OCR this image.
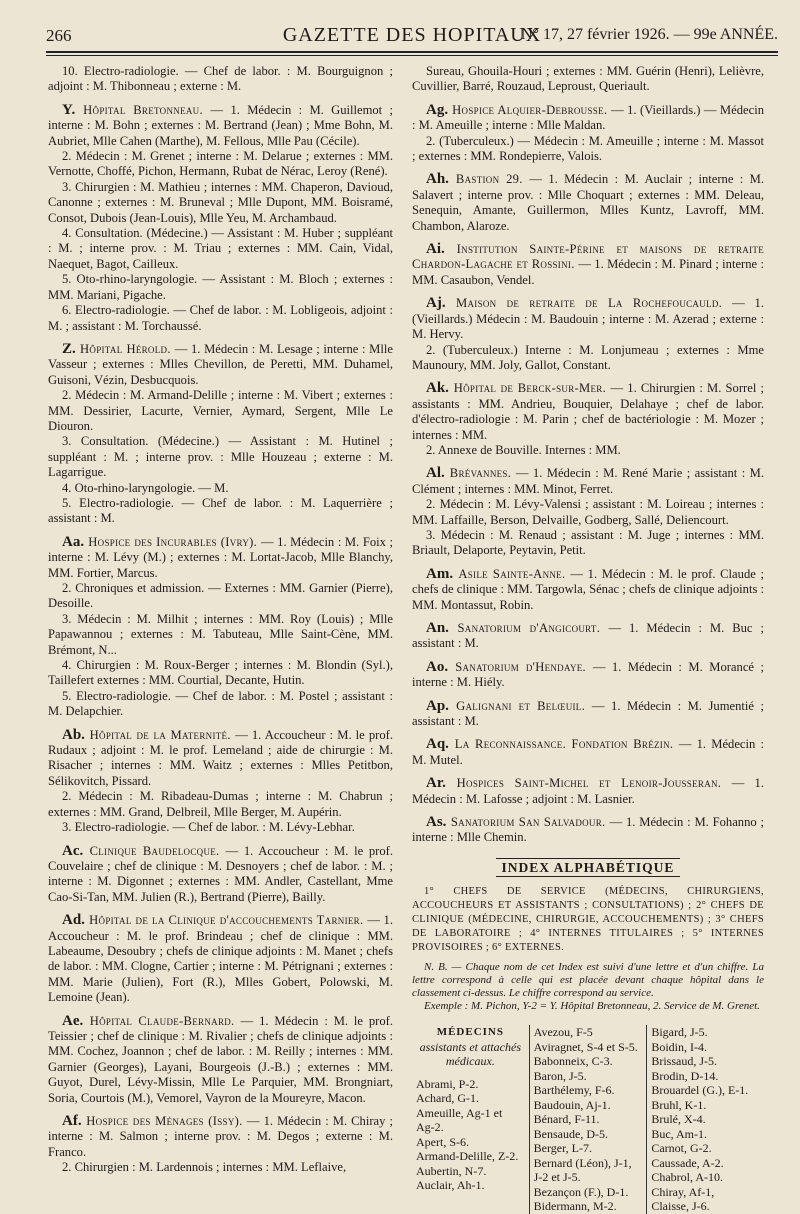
266	GAZETTE DES HOPITAUX
N° 17, 27 février 1926. — 99e ANNÉE.

10. Electro-radiologie. — Chef de labor. : M. Bourguignon ; adjoint : M. Thibonneau ; externe : M.

Y. Hôpital Bretonneau. — 1. Médecin : M. Guillemot ; interne : M. Bohn ; externes : M. Bertrand (Jean) ; Mme Bohn, M. Aubriet, Mlle Cahen (Marthe), M. Fellous, Mlle Pau (Cécile).

2. Médecin : M. Grenet ; interne : M. Delarue ; externes : MM. Vernotte, Choffé, Pichon, Hermann, Rubat de Nérac, Leroy (René).

3. Chirurgien : M. Mathieu ; internes : MM. Chaperon, Davioud, Canonne ; externes : M. Bruneval ; Mlle Dupont, MM. Boisramé, Consot, Dubois (Jean-Louis), Mlle Yeu, M. Archambaud.

4. Consultation. (Médecine.) — Assistant : M. Huber ; suppléant : M. ; interne prov. : M. Triau ; externes : MM. Cain, Vidal, Naequet, Bagot, Cailleux.

5. Oto-rhino-laryngologie. — Assistant : M. Bloch ; externes : MM. Mariani, Pigache.

6. Electro-radiologie. — Chef de labor. : M. Lobligeois, adjoint : M. ; assistant : M. Torchaussé.

Z. Hôpital Hérold. — 1. Médecin : M. Lesage ; interne : Mlle Vasseur ; externes : Mlles Chevillon, de Peretti, MM. Duhamel, Guisoni, Vézin, Desbucquois.

2. Médecin : M. Armand-Delille ; interne : M. Vibert ; externes : MM. Dessirier, Lacurte, Vernier, Aymard, Sergent, Mlle Le Diouron.

3. Consultation. (Médecine.) — Assistant : M. Hutinel ; suppléant : M. ; interne prov. : Mlle Houzeau ; externe : M. Lagarrigue.

4. Oto-rhino-laryngologie. — M.

5. Electro-radiologie. — Chef de labor. : M. Laquerrière ; assistant : M.

Aa. Hospice des Incurables (Ivry). — 1. Médecin : M. Foix ; interne : M. Lévy (M.) ; externes : M. Lortat-Jacob, Mlle Blanchy, MM. Fortier, Marcus.

2. Chroniques et admission. — Externes : MM. Garnier (Pierre), Desoille.

3. Médecin : M. Milhit ; internes : MM. Roy (Louis) ; Mlle Papawannou ; externes : M. Tabuteau, Mlle Saint-Cène, MM. Brémont, N...

4. Chirurgien : M. Roux-Berger ; internes : M. Blondin (Syl.), Taillefert externes : MM. Courtial, Decante, Hutin.

5. Electro-radiologie. — Chef de labor. : M. Postel ; assistant : M. Delapchier.

Ab. Hôpital de la Maternité. — 1. Accoucheur : M. le prof. Rudaux ; adjoint : M. le prof. Lemeland ; aide de chirurgie : M. Risacher ; internes : MM. Waitz ; externes : Mlles Petitbon, Sélikovitch, Pissard.

2. Médecin : M. Ribadeau-Dumas ; interne : M. Chabrun ; externes : MM. Grand, Delbreil, Mlle Berger, M. Aupérin.

3. Electro-radiologie. — Chef de labor. : M. Lévy-Lebhar.

Ac. Clinique Baudelocque. — 1. Accoucheur : M. le prof. Couvelaire ; chef de clinique : M. Desnoyers ; chef de labor. : M. ; interne : M. Digonnet ; externes : MM. Andler, Castellant, Mme Cao-Si-Tan, MM. Julien (R.), Bertrand (Pierre), Bailly.

Ad. Hôpital de la Clinique d'accouchements Tarnier. — 1. Accoucheur : M. le prof. Brindeau ; chef de clinique : MM. Labeaume, Desoubry ; chefs de clinique adjoints : M. Manet ; chefs de labor. : MM. Clogne, Cartier ; interne : M. Pétrignani ; externes : MM. Marie (Julien), Fort (R.), Mlles Gobert, Polowski, M. Lemoine (Jean).

Ae. Hôpital Claude-Bernard. — 1. Médecin : M. le prof. Teissier ; chef de clinique : M. Rivalier ; chefs de clinique adjoints : MM. Cochez, Joannon ; chef de labor. : M. Reilly ; internes : MM. Garnier (Georges), Layani, Bourgeois (J.-B.) ; externes : MM. Guyot, Durel, Lévy-Missin, Mlle Le Parquier, MM. Brongniart, Soria, Courtois (M.), Vemorel, Vayron de la Moureyre, Macon.

Af. Hospice des Ménages (Issy). — 1. Médecin : M. Chiray ; interne : M. Salmon ; interne prov. : M. Degos ; externe : M. Franco.

2. Chirurgien : M. Lardennois ; internes : MM. Leflaive,

Sureau, Ghouila-Houri ; externes : MM. Guérin (Henri), Lelièvre, Cuvillier, Barré, Rouzaud, Leproust, Queriault.

Ag. Hospice Alquier-Debrousse. — 1. (Vieillards.) — Médecin : M. Ameuille ; interne : Mlle Maldan.

2. (Tuberculeux.) — Médecin : M. Ameuille ; interne : M. Massot ; externes : MM. Rondepierre, Valois.

Ah. Bastion 29. — 1. Médecin : M. Auclair ; interne : M. Salavert ; interne prov. : Mlle Choquart ; externes : MM. Deleau, Senequin, Amante, Guillermon, Mlles Kuntz, Lavroff, MM. Chambon, Alaroze.

Ai. Institution Sainte-Périne et maisons de retraite Chardon-Lagache et Rossini. — 1. Médecin : M. Pinard ; interne : MM. Casaubon, Vendel.

Aj. Maison de retraite de La Rochefoucauld. — 1. (Vieillards.) Médecin : M. Baudouin ; interne : M. Azerad ; externe : M. Hervy.

2. (Tuberculeux.) Interne : M. Lonjumeau ; externes : Mme Maunoury, MM. Joly, Gallot, Constant.

Ak. Hôpital de Berck-sur-Mer. — 1. Chirurgien : M. Sorrel ; assistants : MM. Andrieu, Bouquier, Delahaye ; chef de labor. d'électro-radiologie : M. Parin ; chef de bactériologie : M. Mozer ; internes : MM.

2. Annexe de Bouville. Internes : MM.

Al. Brévannes. — 1. Médecin : M. René Marie ; assistant : M. Clément ; internes : MM. Minot, Ferret.

2. Médecin : M. Lévy-Valensi ; assistant : M. Loireau ; internes : MM. Laffaille, Berson, Delvaille, Godberg, Sallé, Deliencourt.

3. Médecin : M. Renaud ; assistant : M. Juge ; internes : MM. Briault, Delaporte, Peytavin, Petit.

Am. Asile Sainte-Anne. — 1. Médecin : M. le prof. Claude ; chefs de clinique : MM. Targowla, Sénac ; chefs de clinique adjoints : MM. Montassut, Robin.

An. Sanatorium d'Angicourt. — 1. Médecin : M. Buc ; assistant : M.

Ao. Sanatorium d'Hendaye. — 1. Médecin : M. Morancé ; interne : M. Hiély.

Ap. Galignani et Belœuil. — 1. Médecin : M. Jumentié ; assistant : M.

Aq. La Reconnaissance. Fondation Brézin. — 1. Médecin : M. Mutel.

Ar. Hospices Saint-Michel et Lenoir-Jousseran. — 1. Médecin : M. Lafosse ; adjoint : M. Lasnier.

As. Sanatorium San Salvadour. — 1. Médecin : M. Fohanno ; interne : Mlle Chemin.

INDEX ALPHABÉTIQUE
1° CHEFS DE SERVICE (MÉDECINS, CHIRURGIENS, ACCOUCHEURS ET ASSISTANTS ; CONSULTATIONS) ; 2° CHEFS DE CLINIQUE (MÉDECINE, CHIRURGIE, ACCOUCHEMENTS) ; 3° CHEFS DE LABORATOIRE ; 4° INTERNES TITULAIRES ; 5° INTERNES PROVISOIRES ; 6° EXTERNES.

N. B. — Chaque nom de cet Index est suivi d'une lettre et d'un chiffre. La lettre correspond à celle qui est placée devant chaque hôpital dans le classement ci-dessus. Le chiffre correspond au service.

Exemple : M. Pichon, Y-2 = Y. Hôpital Bretonneau, 2. Service de M. Grenet.

MÉDECINS
assistants et attachés médicaux.
Abrami, P-2.
Achard, G-1.
Ameuille, Ag-1 et
Ag-2.
Apert, S-6.
Armand-Delille, Z-2.
Aubertin, N-7.
Auclair, Ah-1.
Avezou, F-5
Aviragnet, S-4 et S-5.
Babonneix, C-3.
Baron, J-5.
Barthélemy, F-6.
Baudouin, Aj-1.
Bénard, F-11.
Bensaude, D-5.
Berger, L-7.
Bernard (Léon), J-1,
J-2 et J-5.
Bezançon (F.), D-1.
Bidermann, M-2.
Bigard, J-5.
Boidin, I-4.
Brissaud, J-5.
Brodin, D-14.
Brouardel (G.), E-1.
Bruhl, K-1.
Brulé, X-4.
Buc, Am-1.
Carnot, G-2.
Caussade, A-2.
Chabrol, A-10.
Chiray, Af-1,
Claisse, J-6.
